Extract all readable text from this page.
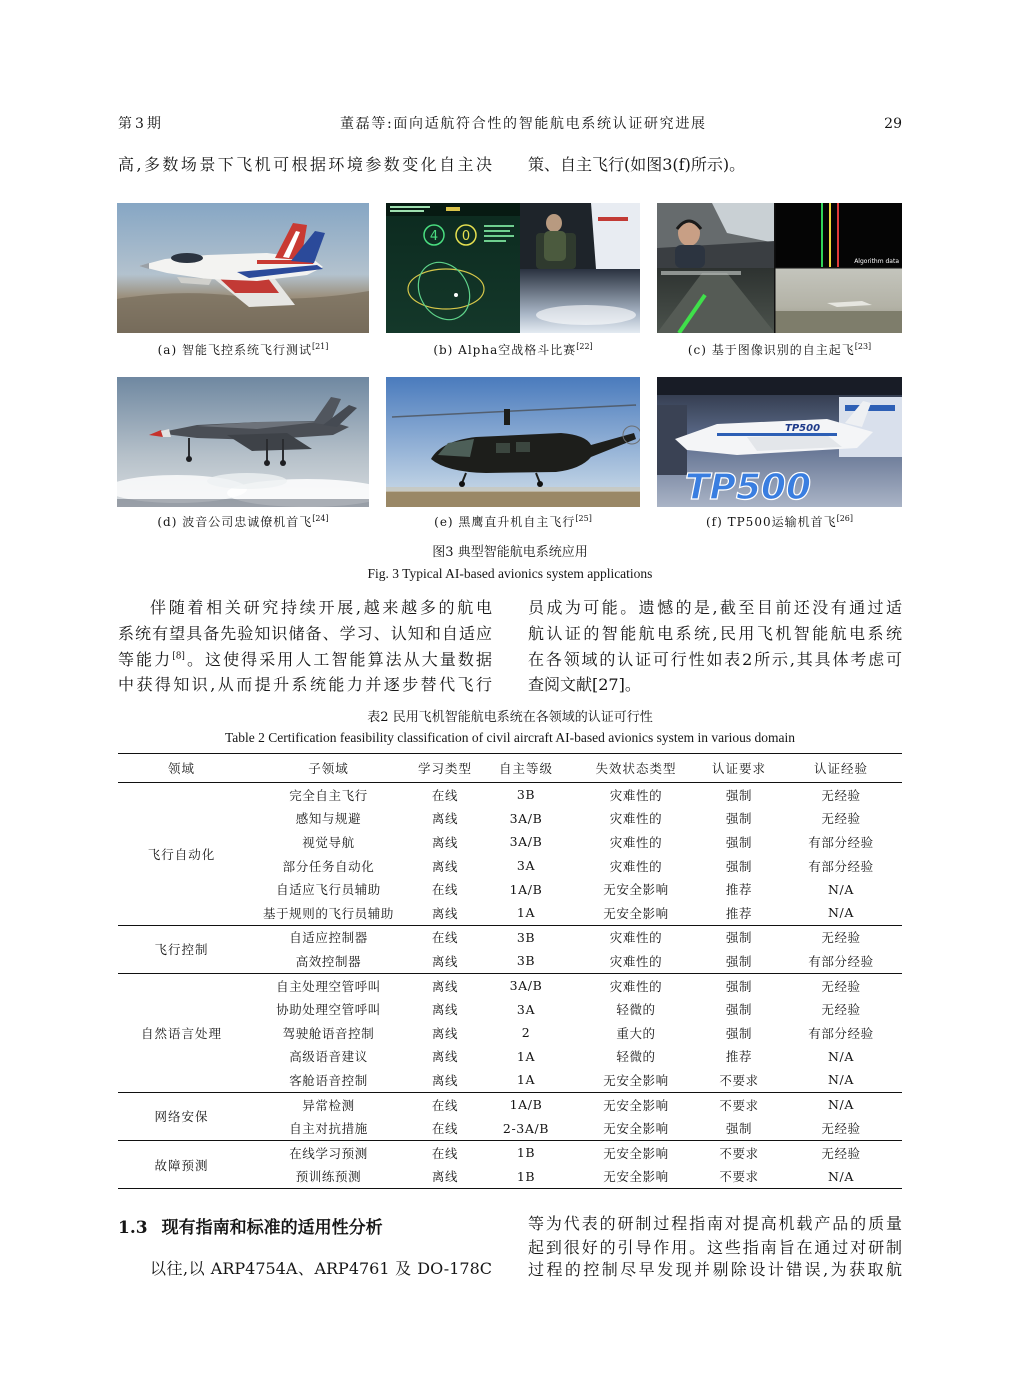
第3期	董磊等:面向适航符合性的智能航电系统认证研究进展	29
高,多数场景下飞机可根据环境参数变化自主决 策、自主飞行(如图3(f)所示)。
4 0
Algorithm data
TP500
TP500
(a) 智能飞控系统飞行测试[21]	(b) Alpha空战格斗比赛[22]	(c) 基于图像识别的自主起飞[23]
(d) 波音公司忠诚僚机首飞[24]	(e) 黑鹰直升机自主飞行[25]	(f) TP500运输机首飞[26]
图3 典型智能航电系统应用
Fig. 3 Typical AI-based avionics system applications
伴随着相关研究持续开展,越来越多的航电
系统有望具备先验知识储备、学习、认知和自适应
等能力[8]。这使得采用人工智能算法从大量数据
中获得知识,从而提升系统能力并逐步替代飞行
员成为可能。遗憾的是,截至目前还没有通过适
航认证的智能航电系统,民用飞机智能航电系统
在各领域的认证可行性如表2所示,其具体考虑可
查阅文献[27]。
表2 民用飞机智能航电系统在各领域的认证可行性
Table 2 Certification feasibility classification of civil aircraft AI-based avionics system in various domain
领域	子领域	学习类型	自主等级	失效状态类型	认证要求	认证经验
飞行自动化	完全自主飞行	在线	3B	灾难性的	强制	无经验
	感知与规避	离线	3A/B	灾难性的	强制	无经验
	视觉导航	离线	3A/B	灾难性的	强制	有部分经验
	部分任务自动化	离线	3A	灾难性的	强制	有部分经验
	自适应飞行员辅助	在线	1A/B	无安全影响	推荐	N/A
	基于规则的飞行员辅助	离线	1A	无安全影响	推荐	N/A
飞行控制	自适应控制器	在线	3B	灾难性的	强制	无经验
	高效控制器	离线	3B	灾难性的	强制	有部分经验
自然语言处理	自主处理空管呼叫	离线	3A/B	灾难性的	强制	无经验
	协助处理空管呼叫	离线	3A	轻微的	强制	无经验
	驾驶舱语音控制	离线	2	重大的	强制	有部分经验
	高级语音建议	离线	1A	轻微的	推荐	N/A
	客舱语音控制	离线	1A	无安全影响	不要求	N/A
网络安保	异常检测	在线	1A/B	无安全影响	不要求	N/A
	自主对抗措施	在线	2-3A/B	无安全影响	强制	无经验
故障预测	在线学习预测	在线	1B	无安全影响	不要求	无经验
	预训练预测	离线	1B	无安全影响	不要求	N/A
1.3 现有指南和标准的适用性分析
以往,以 ARP4754A、ARP4761 及 DO-178C
等为代表的研制过程指南对提高机载产品的质量
起到很好的引导作用。这些指南旨在通过对研制
过程的控制尽早发现并剔除设计错误,为获取航
